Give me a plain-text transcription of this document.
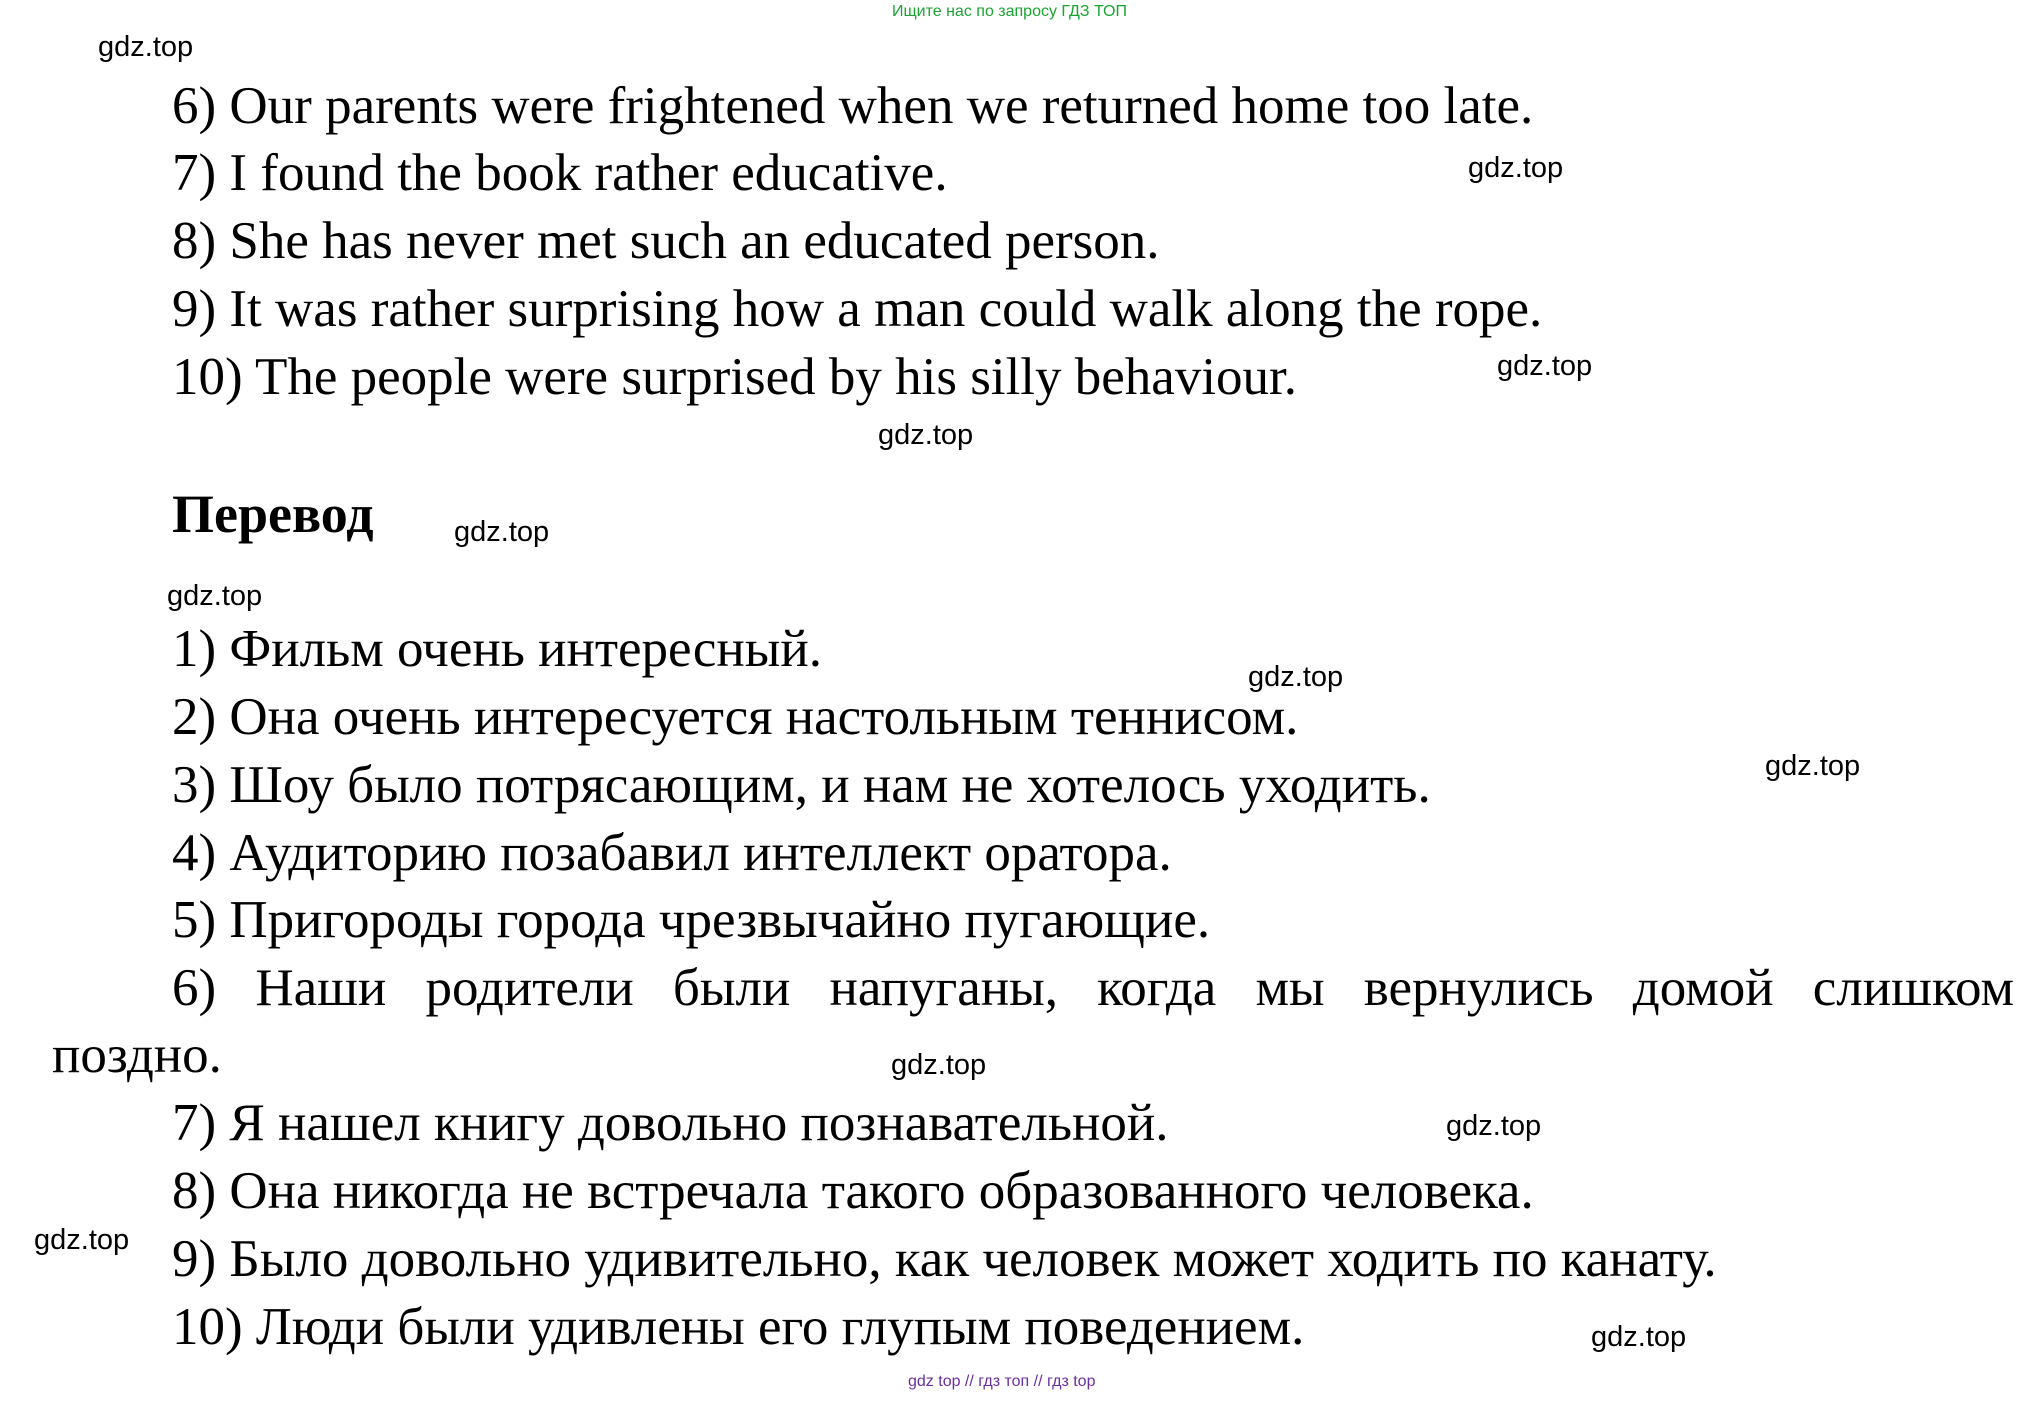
Ищите нас по запросу ГДЗ ТОП
6) Our parents were frightened when we returned home too late.
7) I found the book rather educative.
8) She has never met such an educated person.
9) It was rather surprising how a man could walk along the rope.
10) The people were surprised by his silly behaviour.
Перевод
1) Фильм очень интересный.
2) Она очень интересуется настольным теннисом.
3) Шоу было потрясающим, и нам не хотелось уходить.
4) Аудиторию позабавил интеллект оратора.
5) Пригороды города чрезвычайно пугающие.
6) Наши родители были напуганы, когда мы вернулись домой слишком
поздно.
7) Я нашел книгу довольно познавательной.
8) Она никогда не встречала такого образованного человека.
9) Было довольно удивительно, как человек может ходить по канату.
10) Люди были удивлены его глупым поведением.
gdz.top
gdz.top
gdz.top
gdz.top
gdz.top
gdz.top
gdz.top
gdz.top
gdz.top
gdz.top
gdz.top
gdz.top
gdz top // гдз топ // гдз top
